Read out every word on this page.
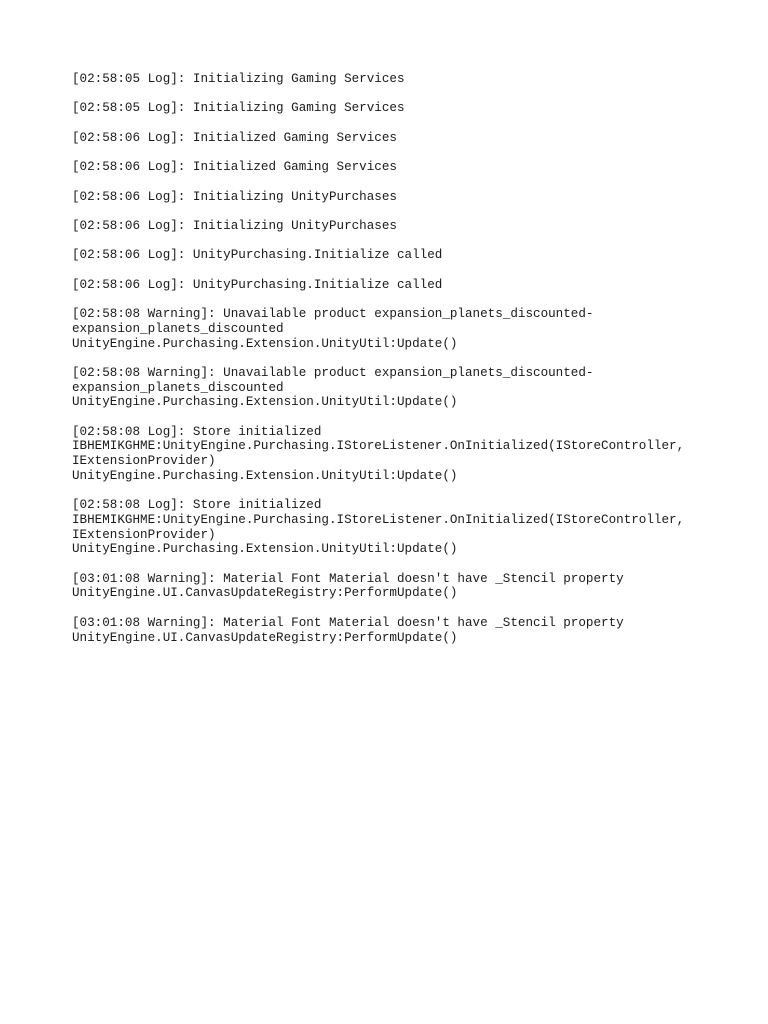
[02:58:05 Log]: Initializing Gaming Services
[02:58:05 Log]: Initializing Gaming Services
[02:58:06 Log]: Initialized Gaming Services
[02:58:06 Log]: Initialized Gaming Services
[02:58:06 Log]: Initializing UnityPurchases
[02:58:06 Log]: Initializing UnityPurchases
[02:58:06 Log]: UnityPurchasing.Initialize called
[02:58:06 Log]: UnityPurchasing.Initialize called
[02:58:08 Warning]: Unavailable product expansion_planets_discounted-
expansion_planets_discounted
UnityEngine.Purchasing.Extension.UnityUtil:Update()
[02:58:08 Warning]: Unavailable product expansion_planets_discounted-
expansion_planets_discounted
UnityEngine.Purchasing.Extension.UnityUtil:Update()
[02:58:08 Log]: Store initialized
IBHEMIKGHME:UnityEngine.Purchasing.IStoreListener.OnInitialized(IStoreController,
IExtensionProvider)
UnityEngine.Purchasing.Extension.UnityUtil:Update()
[02:58:08 Log]: Store initialized
IBHEMIKGHME:UnityEngine.Purchasing.IStoreListener.OnInitialized(IStoreController,
IExtensionProvider)
UnityEngine.Purchasing.Extension.UnityUtil:Update()
[03:01:08 Warning]: Material Font Material doesn't have _Stencil property
UnityEngine.UI.CanvasUpdateRegistry:PerformUpdate()
[03:01:08 Warning]: Material Font Material doesn't have _Stencil property
UnityEngine.UI.CanvasUpdateRegistry:PerformUpdate()
